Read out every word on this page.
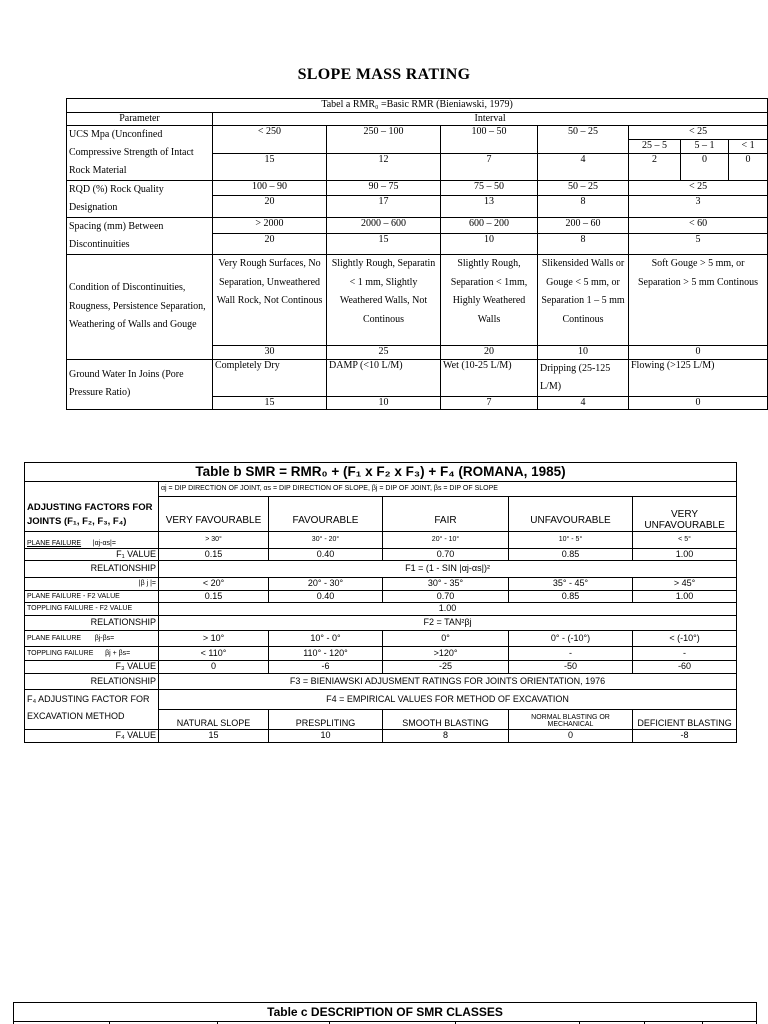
SLOPE MASS RATING
Tabel a RMR₀ =Basic RMR (Bieniawski, 1979)							
Parameter	Interval						
UCS Mpa (Unconfined Compressive Strength of Intact Rock Material	< 250	250 – 100	100 – 50	50 – 25	< 25		
					25 – 5	5 – 1	< 1
	15	12	7	4	2	0	0
RQD (%) Rock Quality Designation	100 – 90	90 – 75	75 – 50	50 – 25	< 25		
	20	17	13	8	3		
Spacing (mm) Between Discontinuities	> 2000	2000 – 600	600 – 200	200 – 60	< 60		
	20	15	10	8	5		
Condition of Discontinuities, Rougness, Persistence Separation, Weathering of Walls and Gouge	Very Rough Surfaces, No Separation, Unweathered Wall Rock, Not Continous	Slightly Rough, Separatin < 1 mm, Slightly Weathered Walls, Not Continous	Slightly Rough, Separation < 1mm, Highly Weathered Walls	Slikensided Walls or Gouge < 5 mm, or Separation 1 – 5 mm Continous	Soft Gouge > 5 mm, or Separation > 5 mm Continous		
	30	25	20	10	0		
Ground Water In Joins (Pore Pressure Ratio)	Completely Dry	DAMP (<10 L/M)	Wet (10-25 L/M)	Dripping (25-125 L/M)	Flowing (>125 L/M)		
	15	10	7	4	0		
Table b SMR = RMR₀ + (F₁ x F₂ x F₃) + F₄ (ROMANA, 1985)					
ADJUSTING FACTORS FOR JOINTS (F₁, F₂, F₃, F₄)	αj = DIP DIRECTION OF JOINT, αs = DIP DIRECTION OF SLOPE, βj = DIP OF JOINT, βs = DIP OF SLOPE				
	VERY FAVOURABLE	FAVOURABLE	FAIR	UNFAVOURABLE	VERY UNFAVOURABLE
PLANE FAILURE |αj-αs|=	> 30°	30° - 20°	20° - 10°	10° - 5°	< 5°
F₁ VALUE	0.15	0.40	0.70	0.85	1.00
RELATIONSHIP	F1 = (1 - SIN |αj-αs|)²				
|β j |=	< 20°	20° - 30°	30° - 35°	35° - 45°	> 45°
PLANE FAILURE - F2 VALUE	0.15	0.40	0.70	0.85	1.00
TOPPLING FAILURE - F2 VALUE	1.00				
RELATIONSHIP	F2 = TAN²βj				
PLANE FAILURE βj-βs=	> 10°	10° - 0°	0°	0° - (-10°)	< (-10°)
TOPPLING FAILURE βj + βs=	< 110°	110° - 120°	>120°	-	-
F₃ VALUE	0	-6	-25	-50	-60
RELATIONSHIP	F3 = BIENIAWSKI ADJUSMENT RATINGS FOR JOINTS ORIENTATION, 1976				
F₄ ADJUSTING FACTOR FOR EXCAVATION METHOD	F4 = EMPIRICAL VALUES FOR METHOD OF EXCAVATION				
	NATURAL SLOPE	PRESPLITING	SMOOTH BLASTING	NORMAL BLASTING OR MECHANICAL	DEFICIENT BLASTING
F₄ VALUE	15	10	8	0	-8
Table c DESCRIPTION OF SMR CLASSES
